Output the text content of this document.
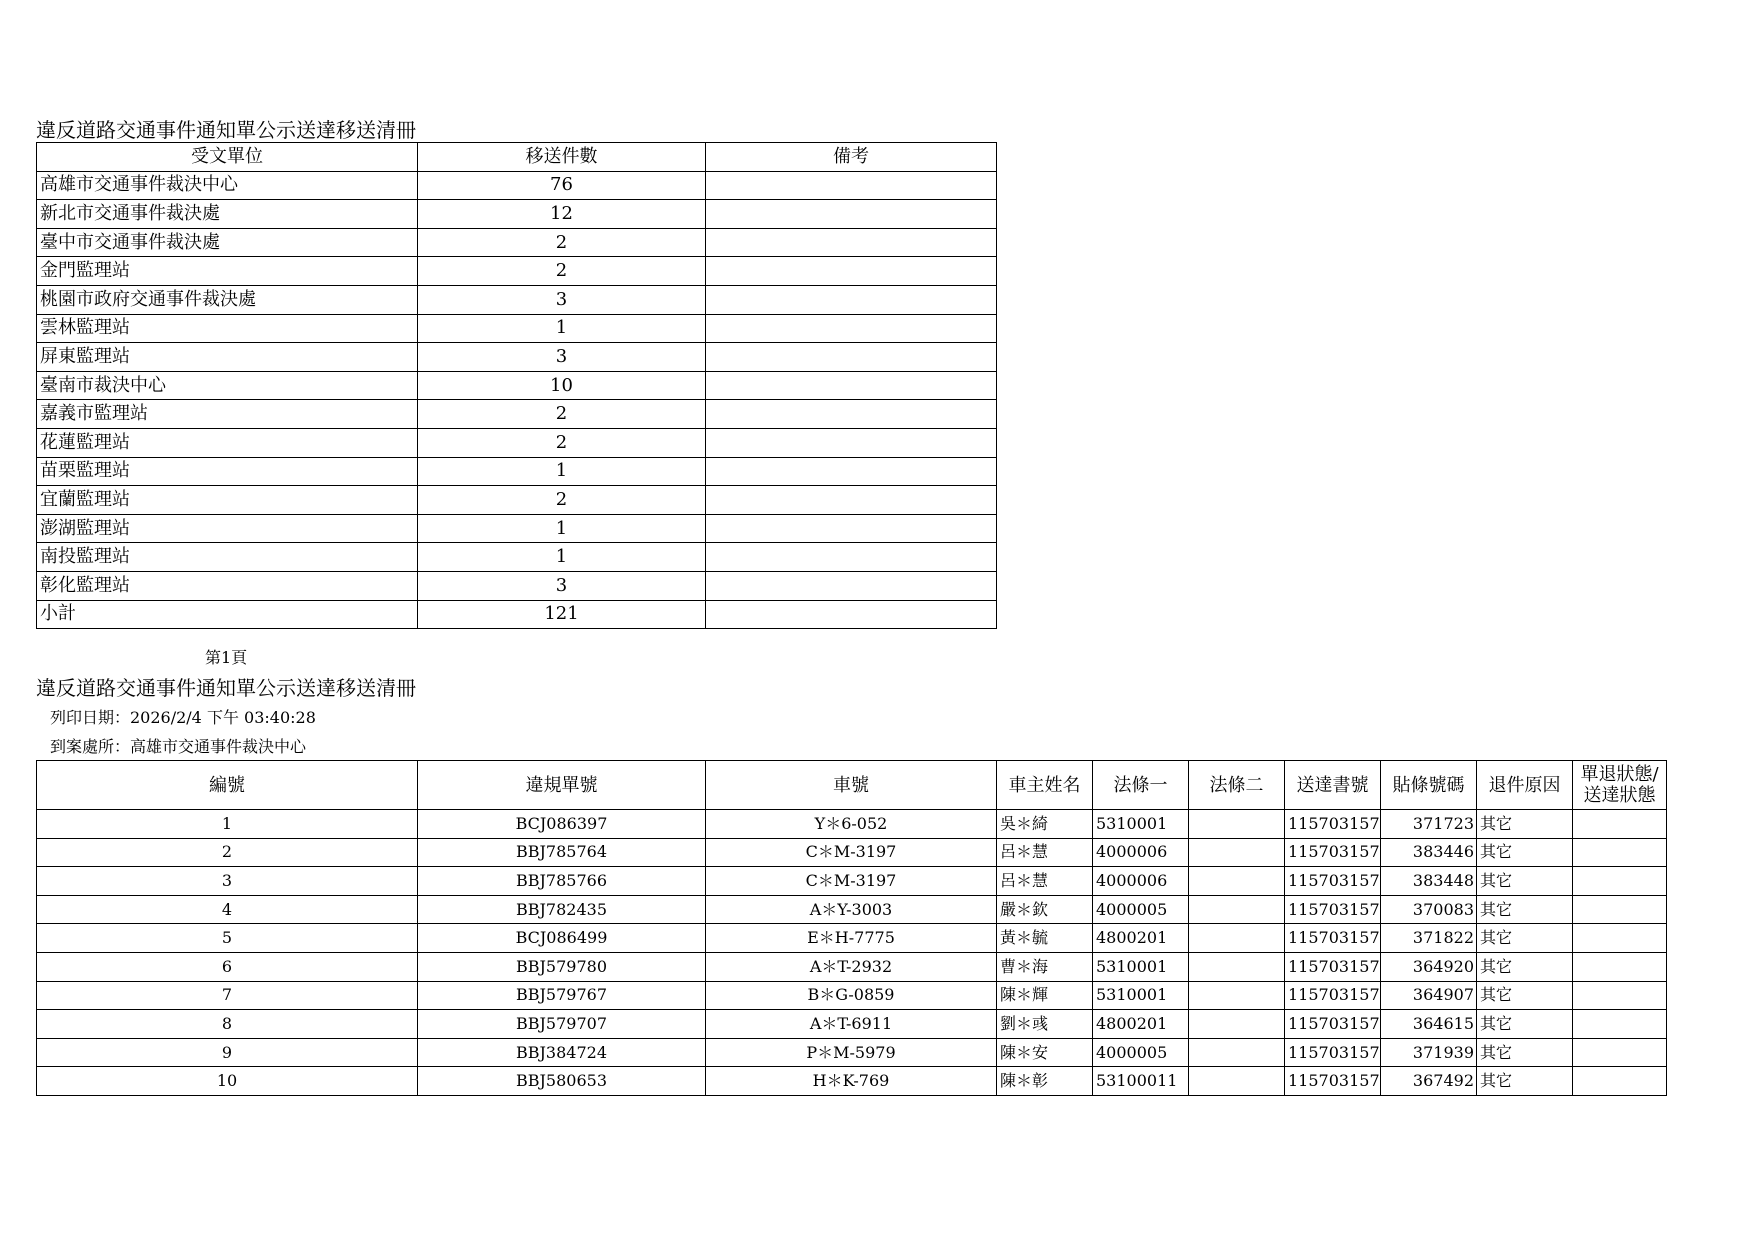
違反道路交通事件通知單公示送達移送清冊
受文單位	移送件數	備考
高雄市交通事件裁決中心	76	
新北市交通事件裁決處	12	
臺中市交通事件裁決處	2	
金門監理站	2	
桃園市政府交通事件裁決處	3	
雲林監理站	1	
屏東監理站	3	
臺南市裁決中心	10	
嘉義市監理站	2	
花蓮監理站	2	
苗栗監理站	1	
宜蘭監理站	2	
澎湖監理站	1	
南投監理站	1	
彰化監理站	3	
小計	121	
第1頁
違反道路交通事件通知單公示送達移送清冊
列印日期：2026/2/4 下午 03:40:28
到案處所：高雄市交通事件裁決中心
編號	違規單號	車號	車主姓名	法條一	法條二	送達書號	貼條號碼	退件原因	單退狀態/送達狀態
1	BCJ086397	Y＊6-052	吳＊綺	5310001		115703157	371723	其它	
2	BBJ785764	C＊M-3197	呂＊慧	4000006		115703157	383446	其它	
3	BBJ785766	C＊M-3197	呂＊慧	4000006		115703157	383448	其它	
4	BBJ782435	A＊Y-3003	嚴＊欽	4000005		115703157	370083	其它	
5	BCJ086499	E＊H-7775	黃＊毓	4800201		115703157	371822	其它	
6	BBJ579780	A＊T-2932	曹＊海	5310001		115703157	364920	其它	
7	BBJ579767	B＊G-0859	陳＊輝	5310001		115703157	364907	其它	
8	BBJ579707	A＊T-6911	劉＊彧	4800201		115703157	364615	其它	
9	BBJ384724	P＊M-5979	陳＊安	4000005		115703157	371939	其它	
10	BBJ580653	H＊K-769	陳＊彰	53100011		115703157	367492	其它	
